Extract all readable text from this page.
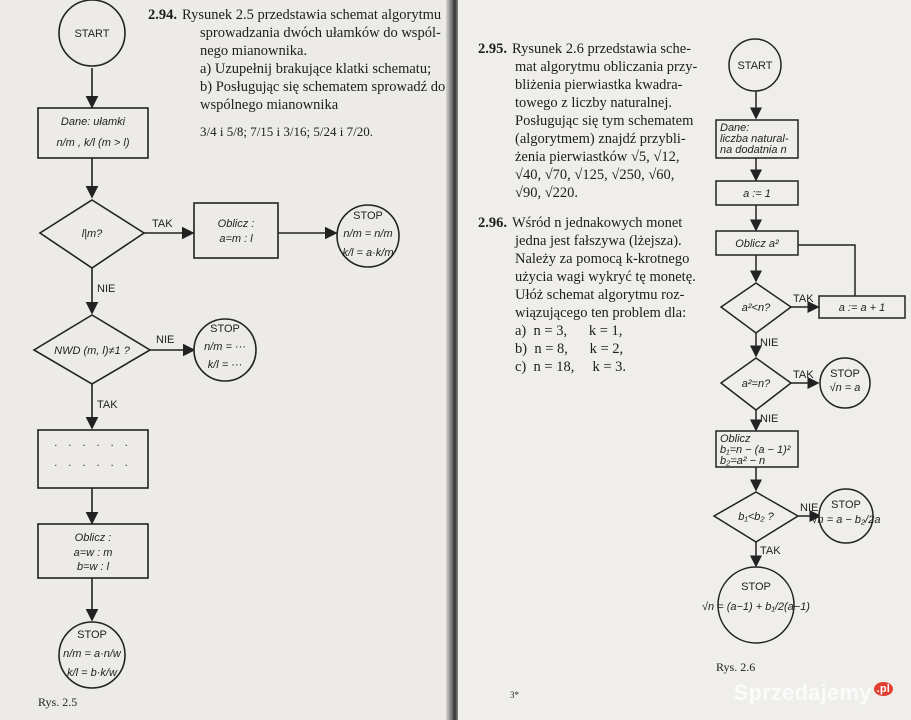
START
Dane: ułamki
n/m , k/l (m > l)
l|m?
TAK
NIE
Oblicz :
a=m : l
STOP
n/m = n/m
k/l = a·k/m
NWD (m, l)≠1 ?
NIE
TAK
STOP
n/m = ···
k/l = ···
. . . . . .
. . . . . .
Oblicz :
a=w : m
b=w : l
STOP
n/m = a·n/w
k/l = b·k/w

2.94. Rysunek 2.5 przedstawia schemat algorytmu

sprowadzania dwóch ułamków do wspól-

nego mianownika.

a) Uzupełnij brakujące klatki schematu;

b) Posługując się schematem sprowadź do

wspólnego mianownika

3/4 i 5/8; 7/15 i 3/16; 5/24 i 7/20.
Rys. 2.5

2.95. Rysunek 2.6 przedstawia sche-

mat algorytmu obliczania przy-

bliżenia pierwiastka kwadra-

towego z liczby naturalnej.

Posługując się tym schematem

(algorytmem) znajdź przybli-

żenia pierwiastków √5, √12,

√40, √70, √125, √250, √60,

√90, √220.

2.96. Wśród n jednakowych monet

jedna jest fałszywa (lżejsza).

Należy za pomocą k-krotnego

użycia wagi wykryć tę monetę.

Ułóż schemat algorytmu roz-

wiązującego ten problem dla:

a)  n = 3,      k = 1,

b)  n = 8,      k = 2,

c)  n = 18,     k = 3.

START
Dane:
liczba natural-
na dodatnia n
a := 1
Oblicz a²
a²<n?
TAK
NIE
a := a + 1
a²=n?
TAK
NIE
STOP
√n = a
Oblicz
b₁=n − (a − 1)²
b₂=a² − n
b₁<b₂ ?
NIE
TAK
STOP
√n = a − b₂/2a
STOP
√n = (a−1) + b₁/2(a−1)
Rys. 2.6
3*	Sprzedajemy $^{.pl}$
